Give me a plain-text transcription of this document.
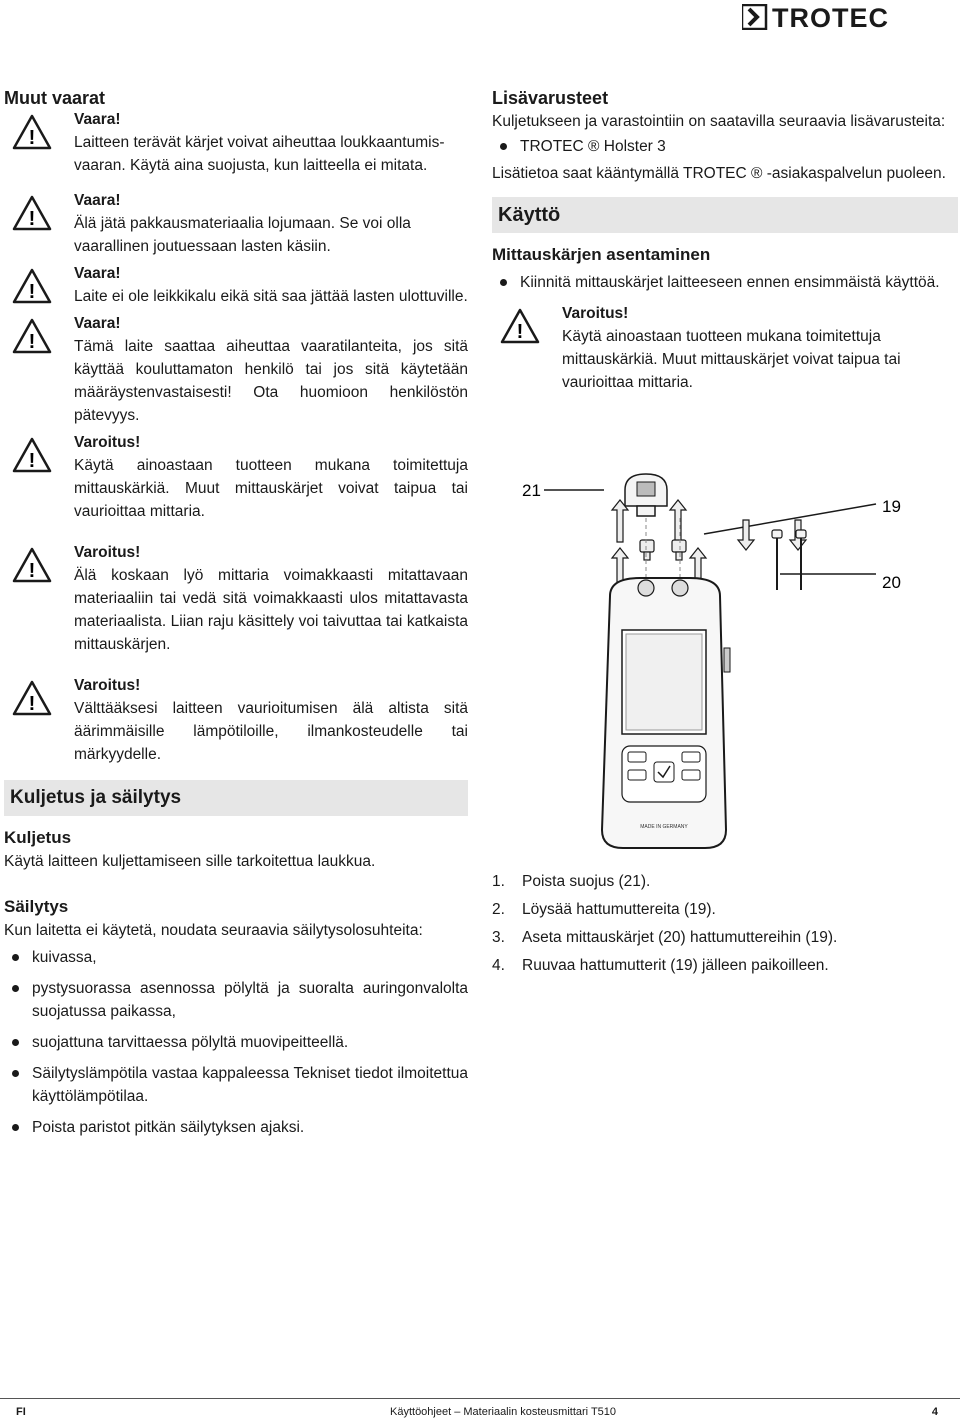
TROTEC
Muut vaarat
!
Vaara!

Laitteen terävät kärjet voivat aiheuttaa loukkaantumis-vaaran. Käytä aina suojusta, kun laitteella ei mitata.

!
Vaara!

Älä jätä pakkausmateriaalia lojumaan. Se voi olla vaarallinen joutuessaan lasten käsiin.

!
Vaara!

Laite ei ole leikkikalu eikä sitä saa jättää lasten ulottuville.

!
Vaara!

Tämä laite saattaa aiheuttaa vaaratilanteita, jos sitä käyttää kouluttamaton henkilö tai jos sitä käytetään määräystenvastaisesti! Ota huomioon henkilöstön pätevyys.

!
Varoitus!

Käytä ainoastaan tuotteen mukana toimitettuja mittauskärkiä. Muut mittauskärjet voivat taipua tai vaurioittaa mittaria.

!
Varoitus!

Älä koskaan lyö mittaria voimakkaasti mitattavaan materiaaliin tai vedä sitä voimakkaasti ulos mitattavasta materiaalista. Liian raju käsittely voi taivuttaa tai katkaista mittauskärjen.

!
Varoitus!

Välttääksesi laitteen vaurioitumisen älä altista sitä äärimmäisille lämpötiloille, ilmankosteudelle tai märkyydelle.

Kuljetus ja säilytys
Kuljetus

Käytä laitteen kuljettamiseen sille tarkoitettua laukkua.

Säilytys

Kun laitetta ei käytetä, noudata seuraavia säilytysolosuhteita:

kuivassa,
pystysuorassa asennossa pölyltä ja suoralta auringonvalolta suojatussa paikassa,
suojattuna tarvittaessa pölyltä muovipeitteellä.
Säilytyslämpötila vastaa kappaleessa Tekniset tiedot ilmoitettua käyttölämpötilaa.
Poista paristot pitkän säilytyksen ajaksi.
Lisävarusteet

Kuljetukseen ja varastointiin on saatavilla seuraavia lisävarusteita:

TROTEC ® Holster 3

Lisätietoa saat kääntymällä TROTEC ® -asiakaspalvelun puoleen.

Käyttö
Mittauskärjen asentaminen
Kiinnitä mittauskärjet laitteeseen ennen ensimmäistä käyttöä.
!
Varoitus!

Käytä ainoastaan tuotteen mukana toimitettuja mittauskärkiä. Muut mittauskärjet voivat taipua tai vaurioittaa mittaria.

21
19
20
MADE IN GERMANY
1.	Poista suojus (21).
2.	Löysää hattumuttereita (19).
3.	Aseta mittauskärjet (20) hattumuttereihin (19).
4.	Ruuvaa hattumutterit (19) jälleen paikoilleen.
FI	Käyttöohjeet – Materiaalin kosteusmittari T510	4
